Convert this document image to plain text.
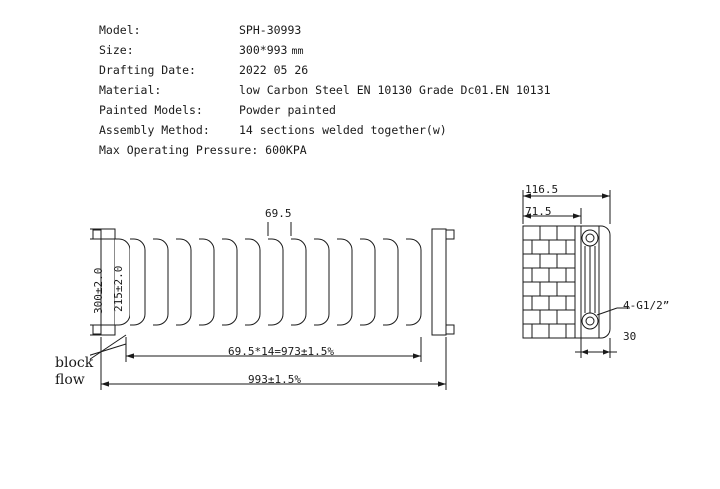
Model:	SPH-30993
Size:	300*993 mm
Drafting Date:	2022 05 26
Material:	low Carbon Steel EN 10130 Grade Dc01.EN 10131
Painted Models:	Powder painted
Assembly Method:	14 sections welded together(w)
Max Operating Pressure: 600KPA
69.5
300±2.0 215±2.0
69.5*14=973±1.5%
993±1.5%
block
flow
116.5
71.5
30
4-G1/2”
